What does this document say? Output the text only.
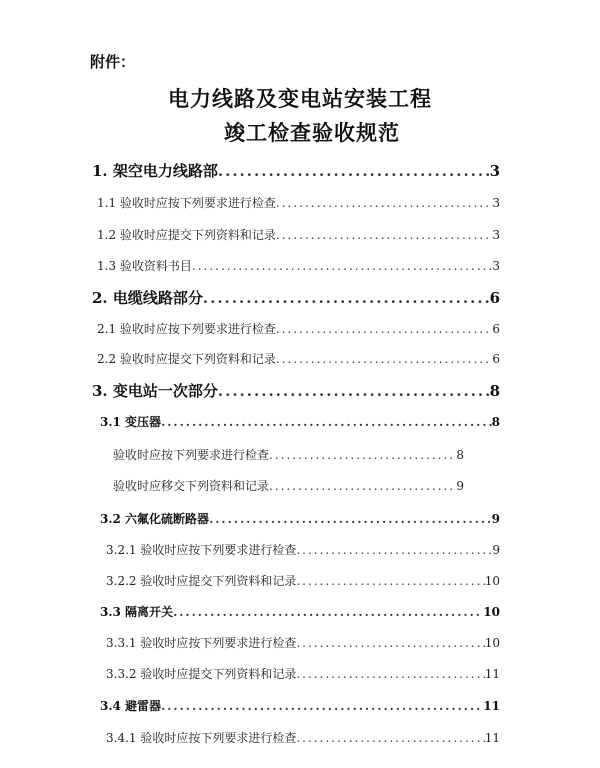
附件：
电力线路及变电站安装工程
竣工检查验收规范
1. 架空电力线路部 .....	3
1.1 验收时应按下列要求进行检查 .....	3
1.2 验收时应提交下列资料和记录 .....	3
1.3 验收资料书目 .....	3
2. 电缆线路部分 .....	6
2.1 验收时应按下列要求进行检查 .....	6
2.2 验收时应提交下列资料和记录 .....	6
3. 变电站一次部分 .....	8
3.1 变压器 .....	8
验收时应按下列要求进行检查 .....	8
验收时应移交下列资料和记录 .....	9
3.2 六氟化硫断路器 .....	9
3.2.1 验收时应按下列要求进行检查 .....	9
3.2.2 验收时应提交下列资料和记录 .....	10
3.3 隔离开关 .....	10
3.3.1 验收时应按下列要求进行检查 .....	10
3.3.2 验收时应提交下列资料和记录 .....	11
3.4 避雷器 .....	11
3.4.1 验收时应按下列要求进行检查 .....	11
